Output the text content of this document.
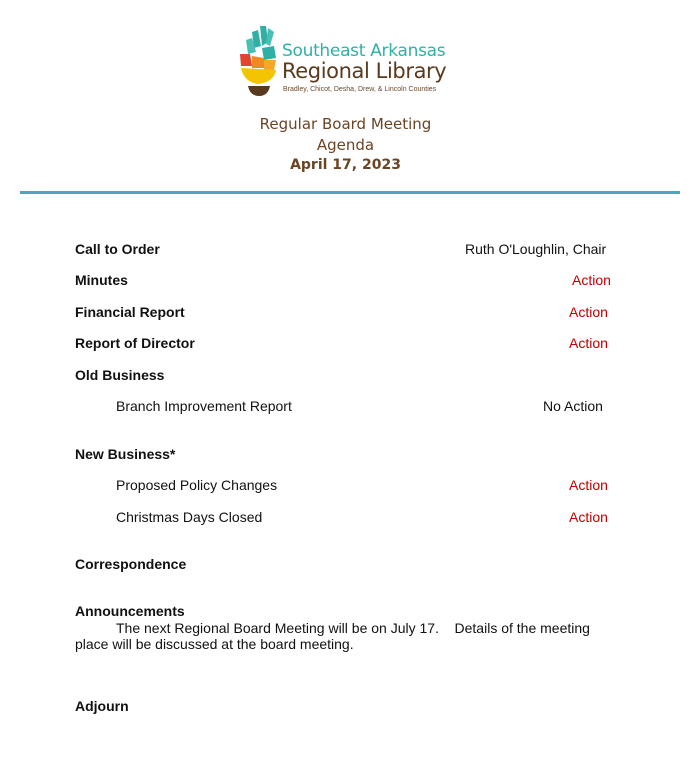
Southeast Arkansas
Regional Library
Bradley, Chicot, Desha, Drew, & Lincoln Counties
Regular Board Meeting
Agenda
April 17, 2023
Call to Order	Ruth O'Loughlin, Chair
Minutes	Action
Financial Report	Action
Report of Director	Action
Old Business
Branch Improvement Report	No Action
New Business*
Proposed Policy Changes	Action
Christmas Days Closed	Action
Correspondence
Announcements
The next Regional Board Meeting will be on July 17.    Details of the meeting
place will be discussed at the board meeting.
Adjourn
